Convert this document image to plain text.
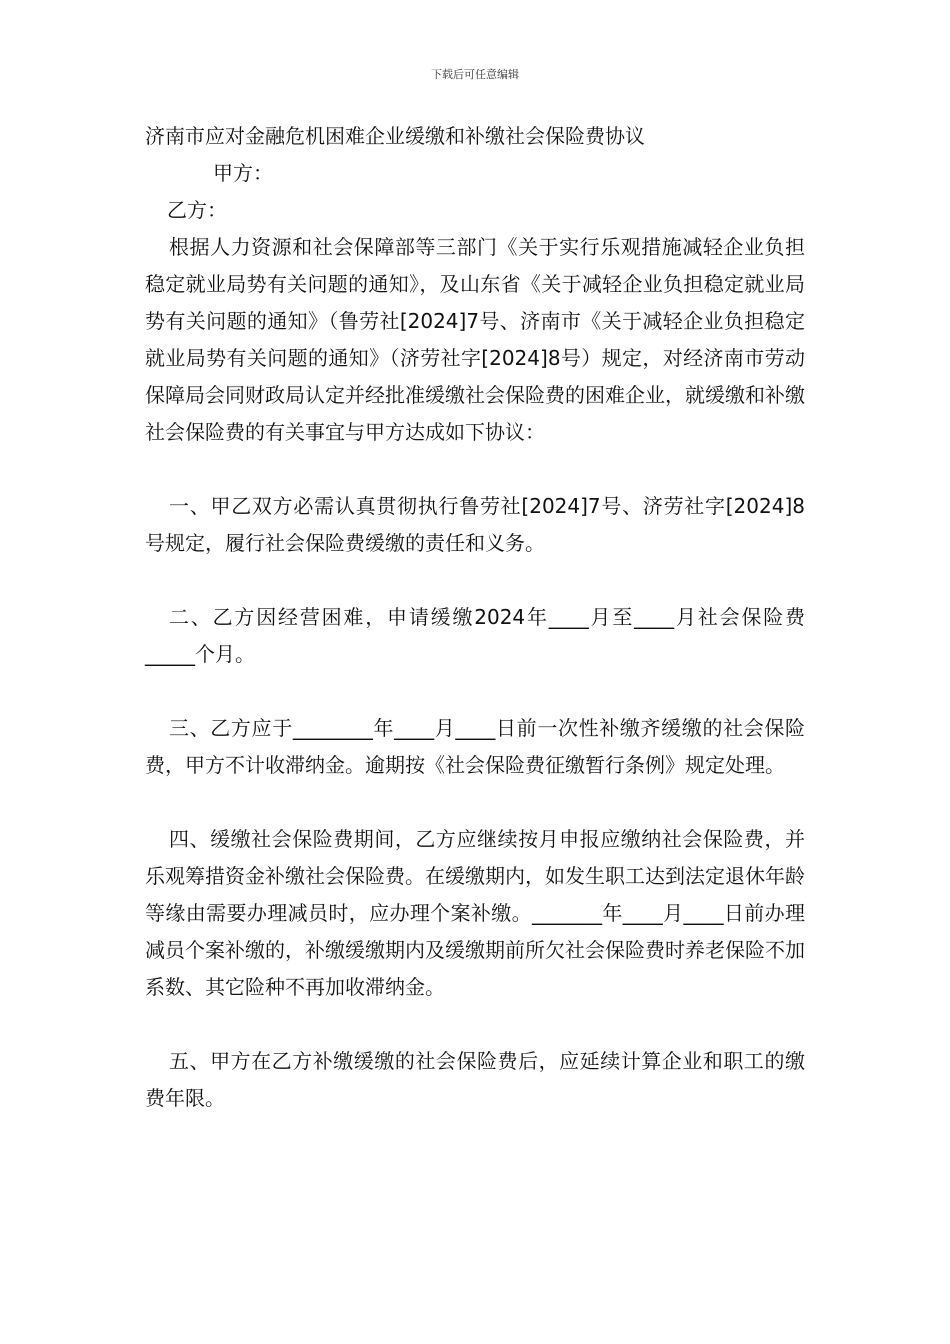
下载后可任意编辑

济南市应对金融危机困难企业缓缴和补缴社会保险费协议

甲方：

乙方：

根据人力资源和社会保障部等三部门《关于实行乐观措施减轻企业负担稳定就业局势有关问题的通知》，及山东省《关于减轻企业负担稳定就业局势有关问题的通知》（鲁劳社[2024]7号、济南市《关于减轻企业负担稳定就业局势有关问题的通知》（济劳社字[2024]8号）规定，对经济南市劳动保障局会同财政局认定并经批准缓缴社会保险费的困难企业，就缓缴和补缴社会保险费的有关事宜与甲方达成如下协议：

一、甲乙双方必需认真贯彻执行鲁劳社[2024]7号、济劳社字[2024]8号规定，履行社会保险费缓缴的责任和义务。

二、乙方因经营困难，申请缓缴2024年____月至____月社会保险费_____个月。

三、乙方应于________年____月____日前一次性补缴齐缓缴的社会保险费，甲方不计收滞纳金。逾期按《社会保险费征缴暂行条例》规定处理。

四、缓缴社会保险费期间，乙方应继续按月申报应缴纳社会保险费，并乐观筹措资金补缴社会保险费。在缓缴期内，如发生职工达到法定退休年龄等缘由需要办理减员时，应办理个案补缴。_______年____月____日前办理减员个案补缴的，补缴缓缴期内及缓缴期前所欠社会保险费时养老保险不加系数、其它险种不再加收滞纳金。

五、甲方在乙方补缴缓缴的社会保险费后，应延续计算企业和职工的缴费年限。
